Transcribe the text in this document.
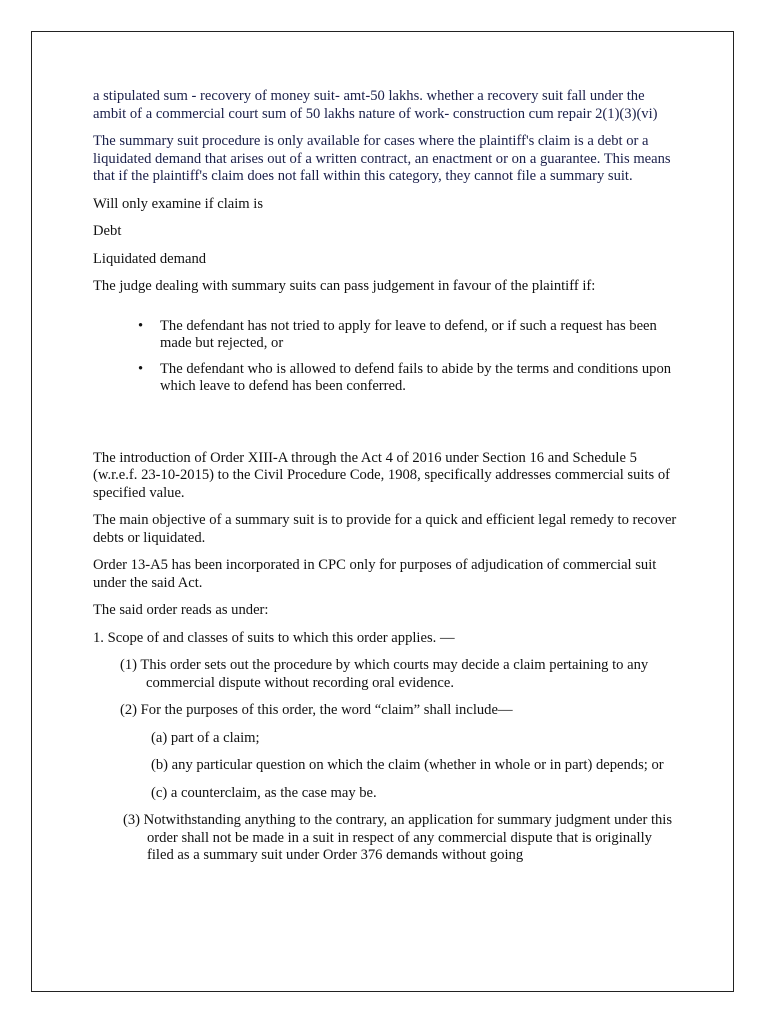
a stipulated sum - recovery of money suit- amt-50 lakhs. whether a recovery suit fall under the ambit of a commercial court sum of 50 lakhs nature of work- construction cum repair 2(1)(3)(vi)

The summary suit procedure is only available for cases where the plaintiff's claim is a debt or a liquidated demand that arises out of a written contract, an enactment or on a guarantee. This means that if the plaintiff's claim does not fall within this category, they cannot file a summary suit.

Will only examine if claim is

Debt

Liquidated demand

The judge dealing with summary suits can pass judgement in favour of the plaintiff if:

• The defendant has not tried to apply for leave to defend, or if such a request has been made but rejected, or
• The defendant who is allowed to defend fails to abide by the terms and conditions upon which leave to defend has been conferred.

The introduction of Order XIII-A through the Act 4 of 2016 under Section 16 and Schedule 5 (w.r.e.f. 23-10-2015) to the Civil Procedure Code, 1908, specifically addresses commercial suits of specified value.

The main objective of a summary suit is to provide for a quick and efficient legal remedy to recover debts or liquidated.

Order 13-A5 has been incorporated in CPC only for purposes of adjudication of commercial suit under the said Act.

The said order reads as under:

1. Scope of and classes of suits to which this order applies. —

(1) This order sets out the procedure by which courts may decide a claim pertaining to any commercial dispute without recording oral evidence.

(2) For the purposes of this order, the word “claim” shall include—

(a) part of a claim;

(b) any particular question on which the claim (whether in whole or in part) depends; or

(c) a counterclaim, as the case may be.

(3) Notwithstanding anything to the contrary, an application for summary judgment under this order shall not be made in a suit in respect of any commercial dispute that is originally filed as a summary suit under Order 376 demands without going
